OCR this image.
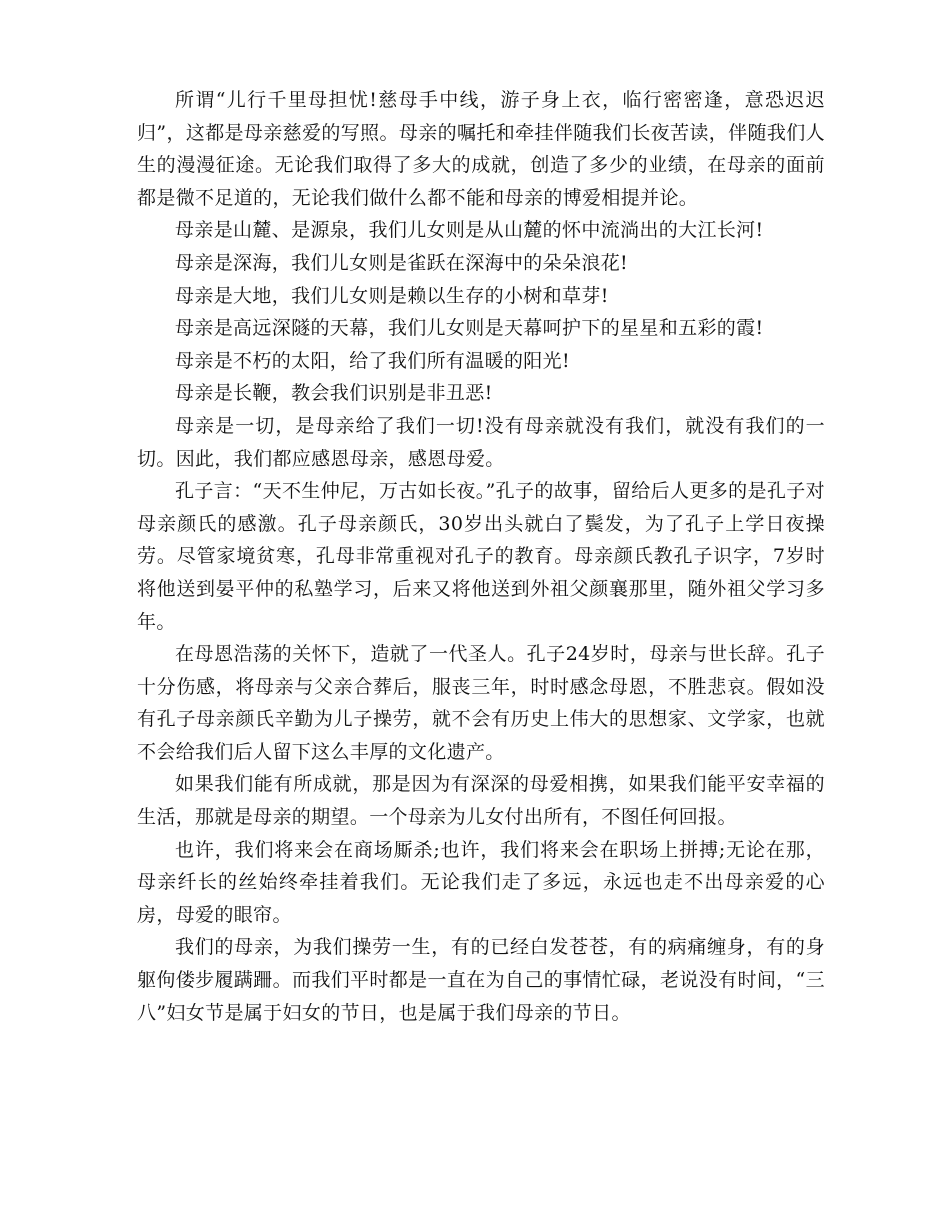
所谓“儿行千里母担忧!慈母手中线，游子身上衣，临行密密逢，意恐迟迟归”，这都是母亲慈爱的写照。母亲的嘱托和牵挂伴随我们长夜苦读，伴随我们人生的漫漫征途。无论我们取得了多大的成就，创造了多少的业绩，在母亲的面前都是微不足道的，无论我们做什么都不能和母亲的博爱相提并论。

母亲是山麓、是源泉，我们儿女则是从山麓的怀中流淌出的大江长河!

母亲是深海，我们儿女则是雀跃在深海中的朵朵浪花!

母亲是大地，我们儿女则是赖以生存的小树和草芽!

母亲是高远深隧的天幕，我们儿女则是天幕呵护下的星星和五彩的霞!

母亲是不朽的太阳，给了我们所有温暖的阳光!

母亲是长鞭，教会我们识别是非丑恶!

母亲是一切，是母亲给了我们一切!没有母亲就没有我们，就没有我们的一切。因此，我们都应感恩母亲，感恩母爱。

孔子言：“天不生仲尼，万古如长夜。”孔子的故事，留给后人更多的是孔子对母亲颜氏的感激。孔子母亲颜氏，30岁出头就白了鬓发，为了孔子上学日夜操劳。尽管家境贫寒，孔母非常重视对孔子的教育。母亲颜氏教孔子识字，7岁时将他送到晏平仲的私塾学习，后来又将他送到外祖父颜襄那里，随外祖父学习多年。

在母恩浩荡的关怀下，造就了一代圣人。孔子24岁时，母亲与世长辞。孔子十分伤感，将母亲与父亲合葬后，服丧三年，时时感念母恩，不胜悲哀。假如没有孔子母亲颜氏辛勤为儿子操劳，就不会有历史上伟大的思想家、文学家，也就不会给我们后人留下这么丰厚的文化遗产。

如果我们能有所成就，那是因为有深深的母爱相携，如果我们能平安幸福的生活，那就是母亲的期望。一个母亲为儿女付出所有，不图任何回报。

也许，我们将来会在商场厮杀;也许，我们将来会在职场上拼搏;无论在那，母亲纤长的丝始终牵挂着我们。无论我们走了多远，永远也走不出母亲爱的心房，母爱的眼帘。

我们的母亲，为我们操劳一生，有的已经白发苍苍，有的病痛缠身，有的身躯佝偻步履蹒跚。而我们平时都是一直在为自己的事情忙碌，老说没有时间，“三八”妇女节是属于妇女的节日，也是属于我们母亲的节日。
